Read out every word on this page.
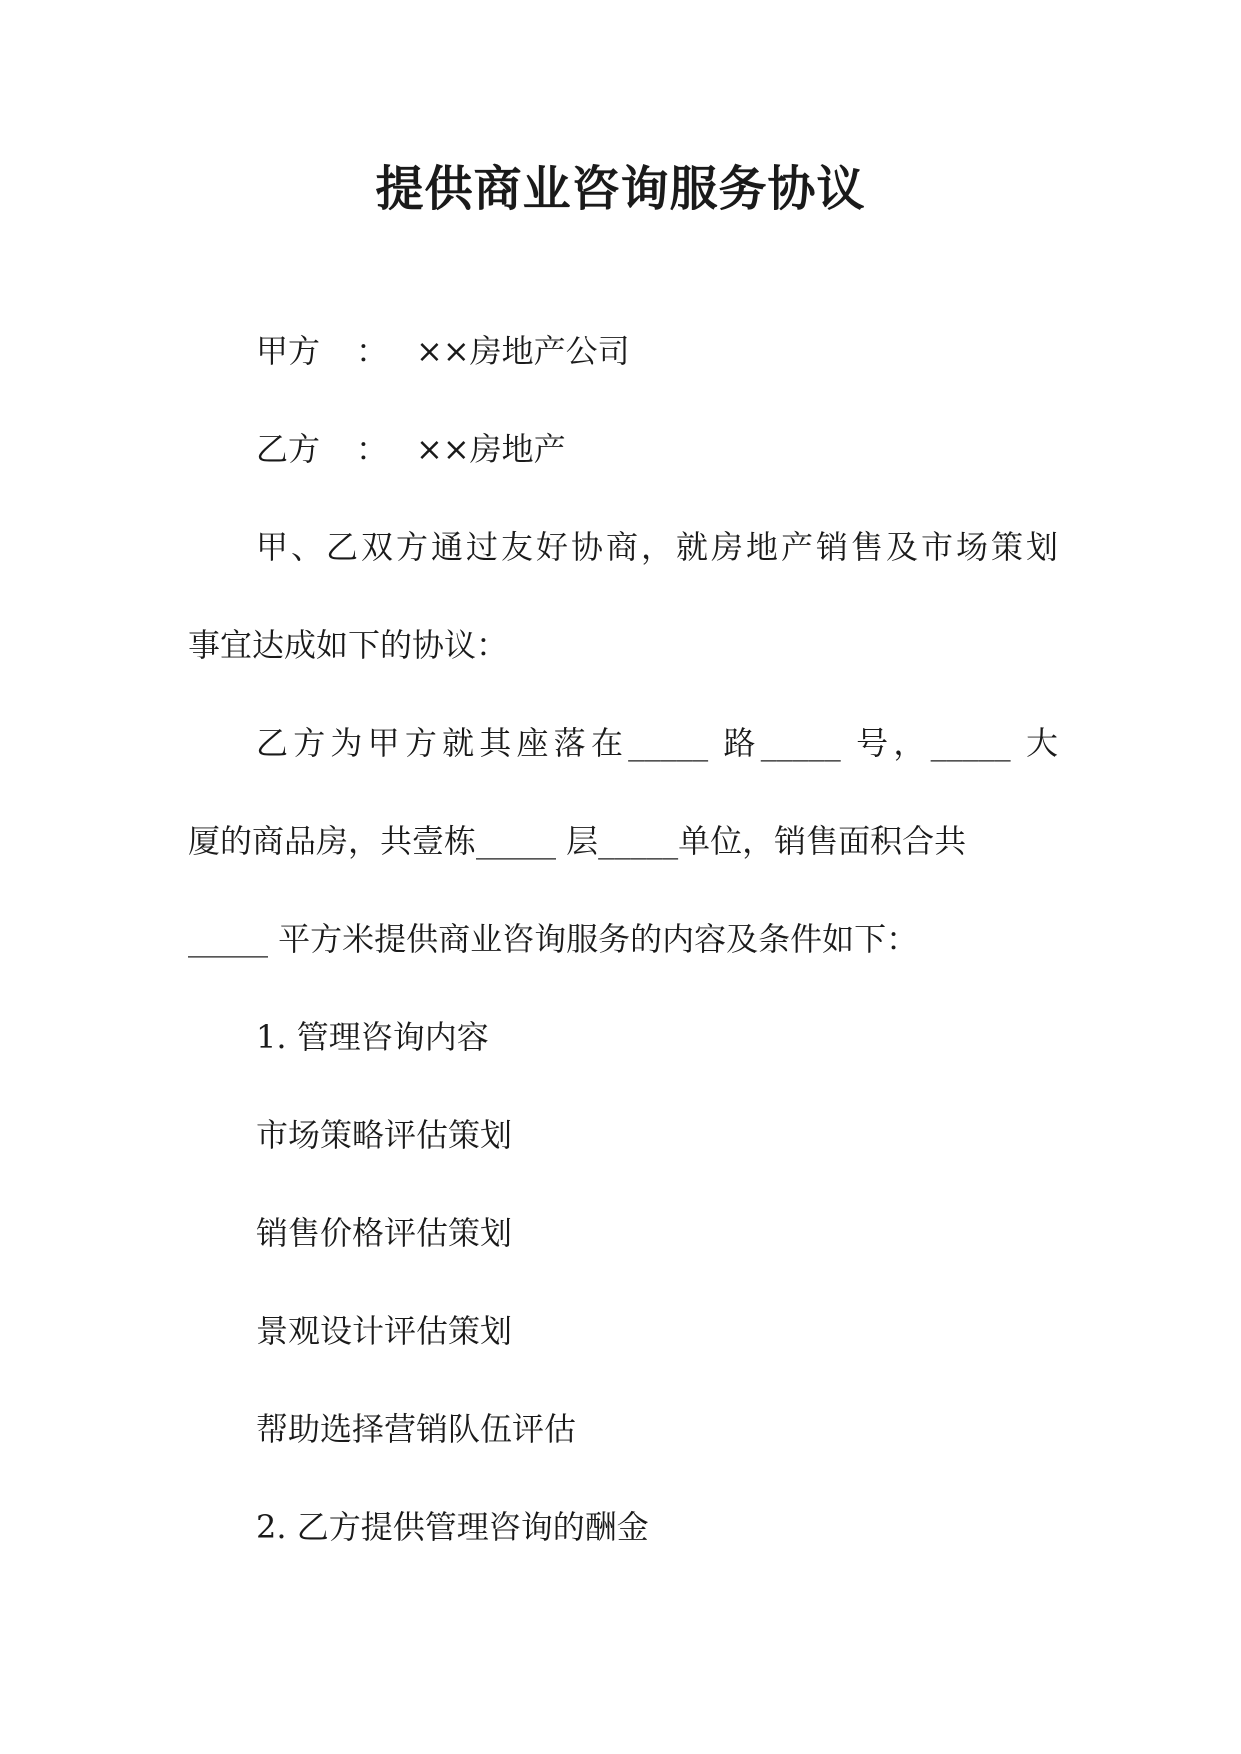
提供商业咨询服务协议
甲方 ： ××房地产公司
乙方 ： ××房地产
甲、乙双方通过友好协商，就房地产销售及市场策划
事宜达成如下的协议：
乙方为甲方就其座落在_____ 路_____ 号，_____ 大
厦的商品房，共壹栋_____ 层_____单位，销售面积合共
_____ 平方米提供商业咨询服务的内容及条件如下：
1. 管理咨询内容
市场策略评估策划
销售价格评估策划
景观设计评估策划
帮助选择营销队伍评估
2. 乙方提供管理咨询的酬金
